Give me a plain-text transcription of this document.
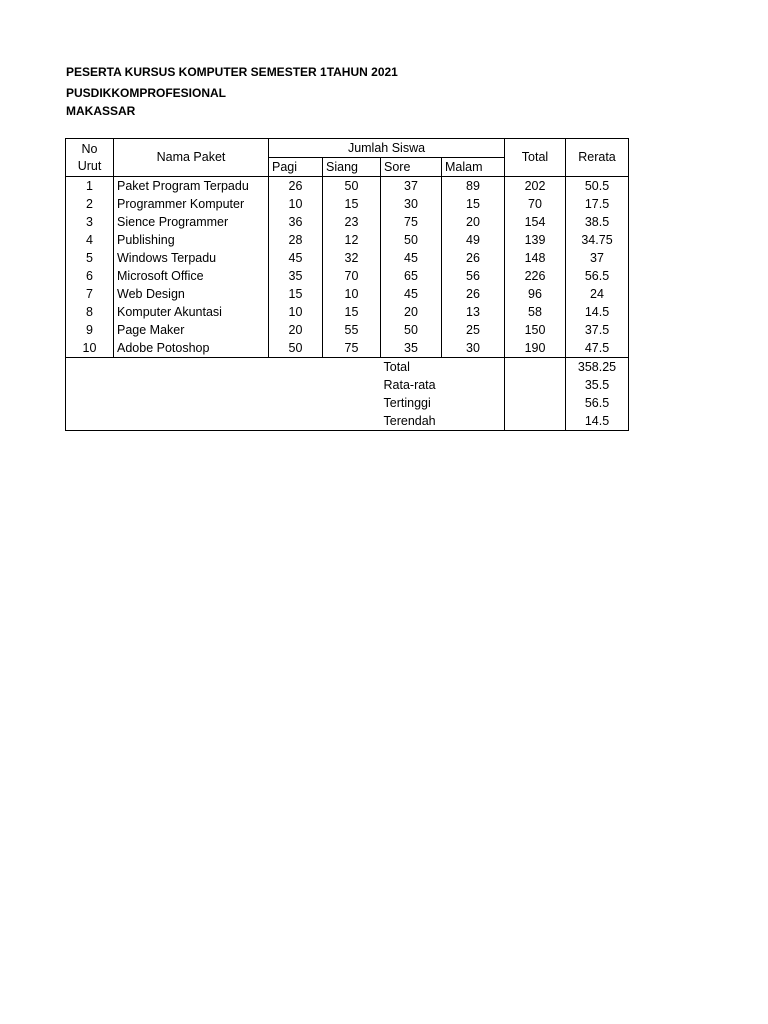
PESERTA KURSUS KOMPUTER SEMESTER 1TAHUN 2021
PUSDIKKOMPROFESIONAL
MAKASSAR
No
Urut	Nama Paket	Jumlah Siswa				Total	Rerata
		Pagi	Siang	Sore	Malam		
1	Paket Program Terpadu	26	50	37	89	202	50.5
2	Programmer Komputer	10	15	30	15	70	17.5
3	Sience Programmer	36	23	75	20	154	38.5
4	Publishing	28	12	50	49	139	34.75
5	Windows Terpadu	45	32	45	26	148	37
6	Microsoft Office	35	70	65	56	226	56.5
7	Web Design	15	10	45	26	96	24
8	Komputer Akuntasi	10	15	20	13	58	14.5
9	Page Maker	20	55	50	25	150	37.5
10	Adobe Potoshop	50	75	35	30	190	47.5
				Total			358.25
				Rata-rata			35.5
				Tertinggi			56.5
				Terendah			14.5
